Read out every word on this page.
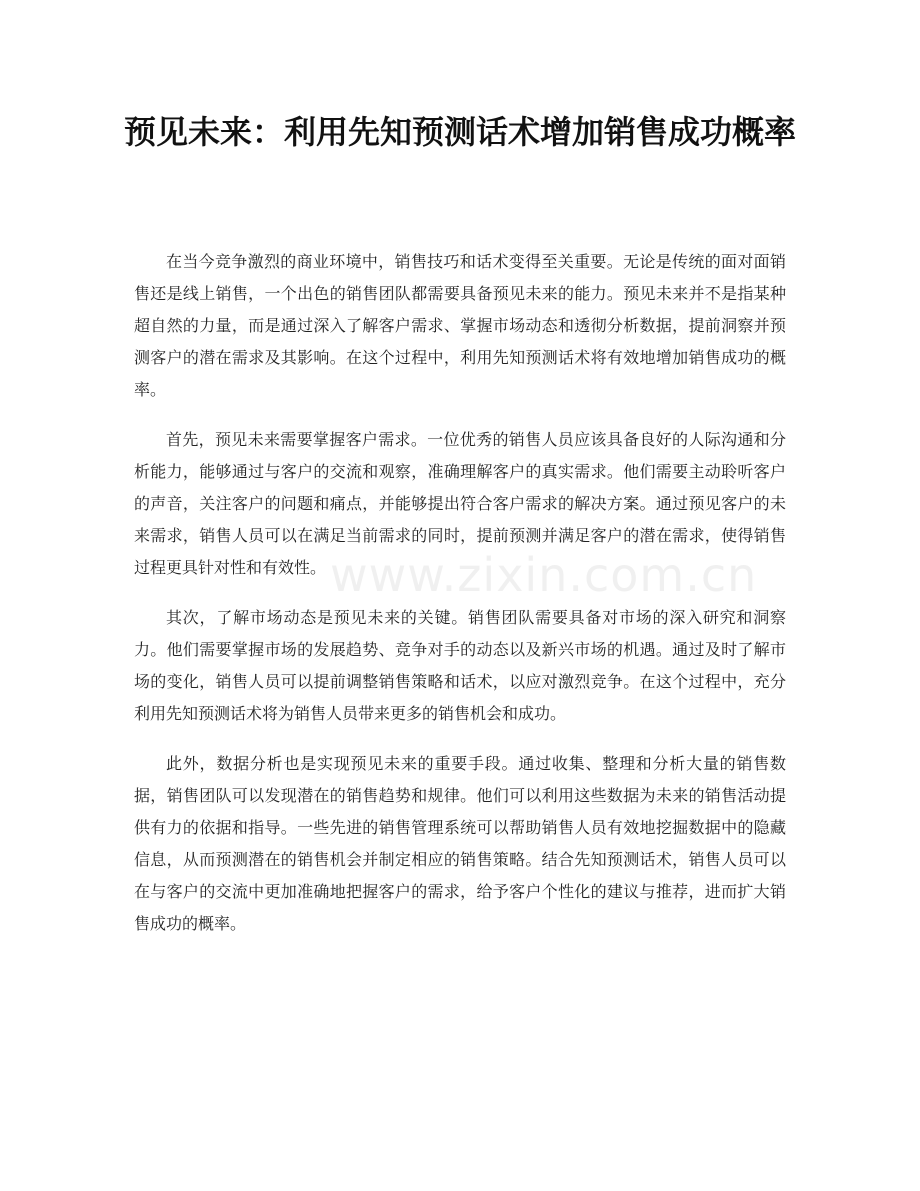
预见未来：利用先知预测话术增加销售成功概率
www.zixin.com.cn

在当今竞争激烈的商业环境中，销售技巧和话术变得至关重要。无论是传统的面对面销售还是线上销售，一个出色的销售团队都需要具备预见未来的能力。预见未来并不是指某种超自然的力量，而是通过深入了解客户需求、掌握市场动态和透彻分析数据，提前洞察并预测客户的潜在需求及其影响。在这个过程中，利用先知预测话术将有效地增加销售成功的概率。

首先，预见未来需要掌握客户需求。一位优秀的销售人员应该具备良好的人际沟通和分析能力，能够通过与客户的交流和观察，准确理解客户的真实需求。他们需要主动聆听客户的声音，关注客户的问题和痛点，并能够提出符合客户需求的解决方案。通过预见客户的未来需求，销售人员可以在满足当前需求的同时，提前预测并满足客户的潜在需求，使得销售过程更具针对性和有效性。

其次，了解市场动态是预见未来的关键。销售团队需要具备对市场的深入研究和洞察力。他们需要掌握市场的发展趋势、竞争对手的动态以及新兴市场的机遇。通过及时了解市场的变化，销售人员可以提前调整销售策略和话术，以应对激烈竞争。在这个过程中，充分利用先知预测话术将为销售人员带来更多的销售机会和成功。

此外，数据分析也是实现预见未来的重要手段。通过收集、整理和分析大量的销售数据，销售团队可以发现潜在的销售趋势和规律。他们可以利用这些数据为未来的销售活动提供有力的依据和指导。一些先进的销售管理系统可以帮助销售人员有效地挖掘数据中的隐藏信息，从而预测潜在的销售机会并制定相应的销售策略。结合先知预测话术，销售人员可以在与客户的交流中更加准确地把握客户的需求，给予客户个性化的建议与推荐，进而扩大销售成功的概率。
